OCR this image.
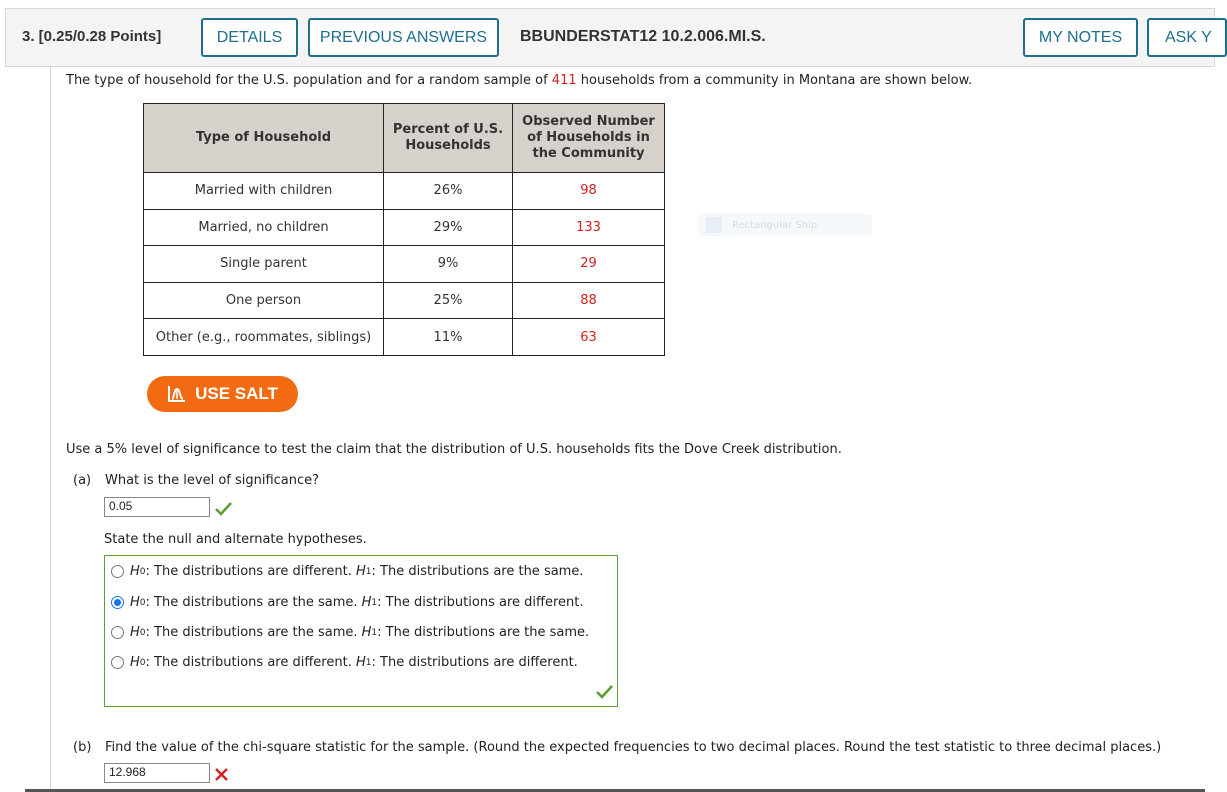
3. [0.25/0.28 Points]	DETAILS	PREVIOUS ANSWERS	BBUNDERSTAT12 10.2.006.MI.S.	MY NOTES	ASK Y
The type of household for the U.S. population and for a random sample of 411 households from a community in Montana are shown below.
Type of Household	Percent of U.S. Households	Observed Number of Households in the Community
Married with children	26%	98
Married, no children	29%	133
Single parent	9%	29
One person	25%	88
Other (e.g., roommates, siblings)	11%	63
Rectangular Snip
USE SALT
Use a 5% level of significance to test the claim that the distribution of U.S. households fits the Dove Creek distribution.
(a) What is the level of significance?
0.05
State the null and alternate hypotheses.
H 0 : The distributions are different.
H 1 : The distributions are the same.
H 0 : The distributions are the same.
H 1 : The distributions are different.
H 0 : The distributions are the same.
H 1 : The distributions are the same.
H 0 : The distributions are different.
H 1 : The distributions are different.
(b) Find the value of the chi-square statistic for the sample. (Round the expected frequencies to two decimal places. Round the test statistic to three decimal places.)
12.968
